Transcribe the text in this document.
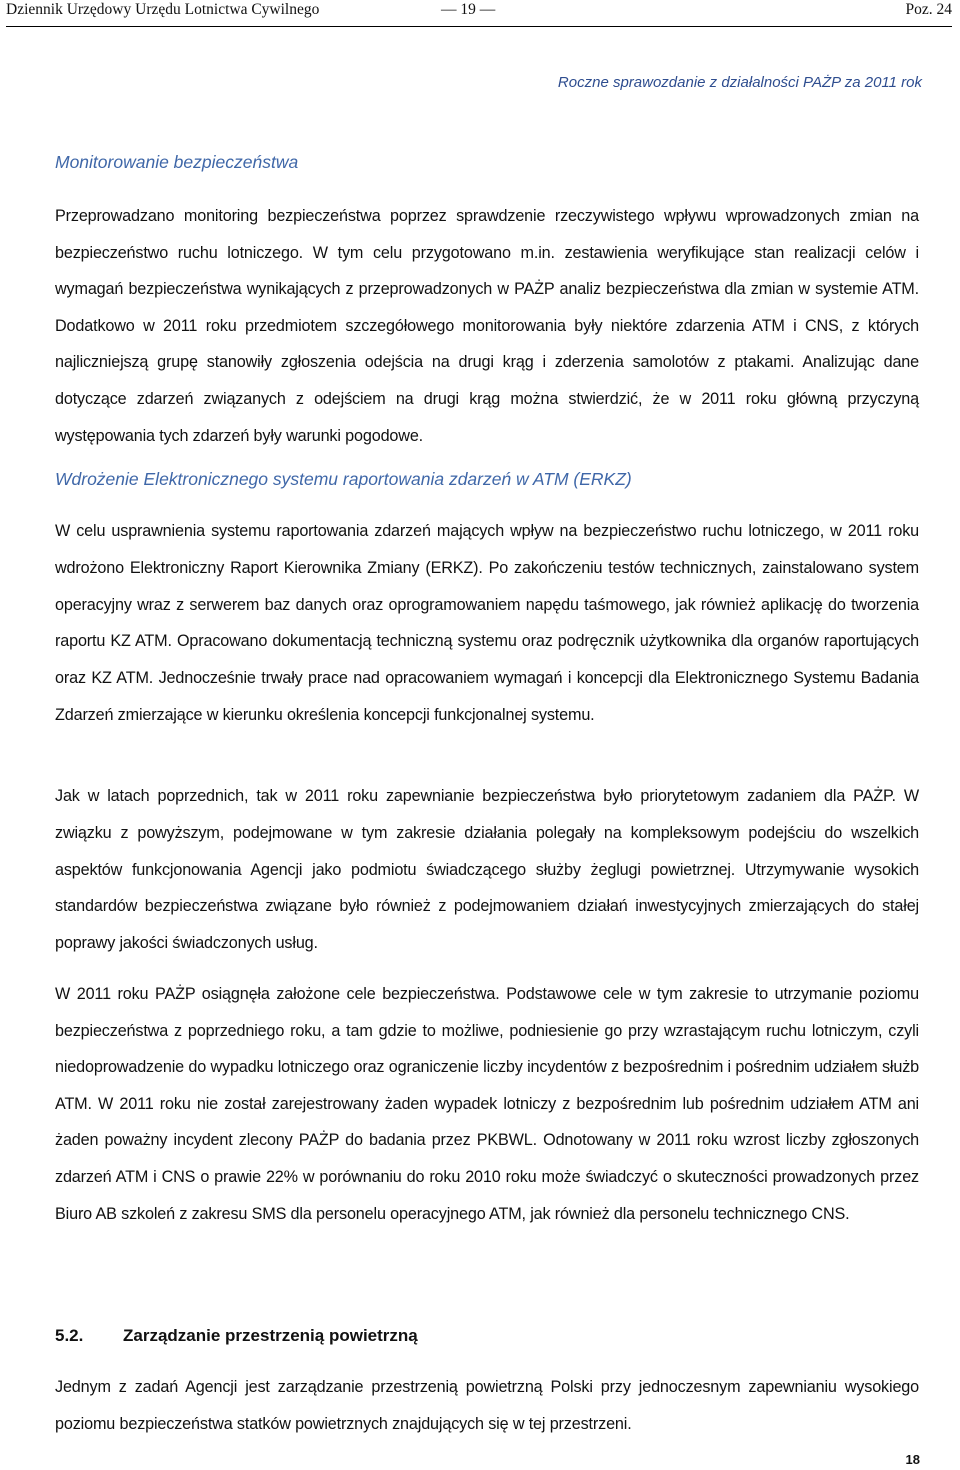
Dziennik Urzędowy Urzędu Lotnictwa Cywilnego	— 19 —	Poz. 24
Roczne sprawozdanie z działalności PAŻP za 2011 rok
Monitorowanie bezpieczeństwa

Przeprowadzano monitoring bezpieczeństwa poprzez sprawdzenie rzeczywistego wpływu wprowadzonych zmian na bezpieczeństwo ruchu lotniczego. W tym celu przygotowano m.in. zestawienia weryfikujące stan realizacji celów i wymagań bezpieczeństwa wynikających z przeprowadzonych w PAŻP analiz bezpieczeństwa dla zmian w systemie ATM. Dodatkowo w 2011 roku przedmiotem szczegółowego monitorowania były niektóre zdarzenia ATM i CNS, z których najliczniejszą grupę stanowiły zgłoszenia odejścia na drugi krąg i zderzenia samolotów z ptakami. Analizując dane dotyczące zdarzeń związanych z odejściem na drugi krąg można stwierdzić, że w 2011 roku główną przyczyną występowania tych zdarzeń były warunki pogodowe.

Wdrożenie Elektronicznego systemu raportowania zdarzeń w ATM (ERKZ)

W celu usprawnienia systemu raportowania zdarzeń mających wpływ na bezpieczeństwo ruchu lotniczego, w 2011 roku wdrożono Elektroniczny Raport Kierownika Zmiany (ERKZ). Po zakończeniu testów technicznych, zainstalowano system operacyjny wraz z serwerem baz danych oraz oprogramowaniem napędu taśmowego, jak również aplikację do tworzenia raportu KZ ATM. Opracowano dokumentacją techniczną systemu oraz podręcznik użytkownika dla organów raportujących oraz KZ ATM. Jednocześnie trwały prace nad opracowaniem wymagań i koncepcji dla Elektronicznego Systemu Badania Zdarzeń zmierzające w kierunku określenia koncepcji funkcjonalnej systemu.

Jak w latach poprzednich, tak w 2011 roku zapewnianie bezpieczeństwa było priorytetowym zadaniem dla PAŻP. W związku z powyższym, podejmowane w tym zakresie działania polegały na kompleksowym podejściu do wszelkich aspektów funkcjonowania Agencji jako podmiotu świadczącego służby żeglugi powietrznej. Utrzymywanie wysokich standardów bezpieczeństwa związane było również z podejmowaniem działań inwestycyjnych zmierzających do stałej poprawy jakości świadczonych usług.

W 2011 roku PAŻP osiągnęła założone cele bezpieczeństwa. Podstawowe cele w tym zakresie to utrzymanie poziomu bezpieczeństwa z poprzedniego roku, a tam gdzie to możliwe, podniesienie go przy wzrastającym ruchu lotniczym, czyli niedoprowadzenie do wypadku lotniczego oraz ograniczenie liczby incydentów z bezpośrednim i pośrednim udziałem służb ATM. W 2011 roku nie został zarejestrowany żaden wypadek lotniczy z bezpośrednim lub pośrednim udziałem ATM ani żaden poważny incydent zlecony PAŻP do badania przez PKBWL. Odnotowany w 2011 roku wzrost liczby zgłoszonych zdarzeń ATM i CNS o prawie 22% w porównaniu do roku 2010 roku może świadczyć o skuteczności prowadzonych przez Biuro AB szkoleń z zakresu SMS dla personelu operacyjnego ATM, jak również dla personelu technicznego CNS.

5.2. Zarządzanie przestrzenią powietrzną

Jednym z zadań Agencji jest zarządzanie przestrzenią powietrzną Polski przy jednoczesnym zapewnianiu wysokiego poziomu bezpieczeństwa statków powietrznych znajdujących się w tej przestrzeni.

18
